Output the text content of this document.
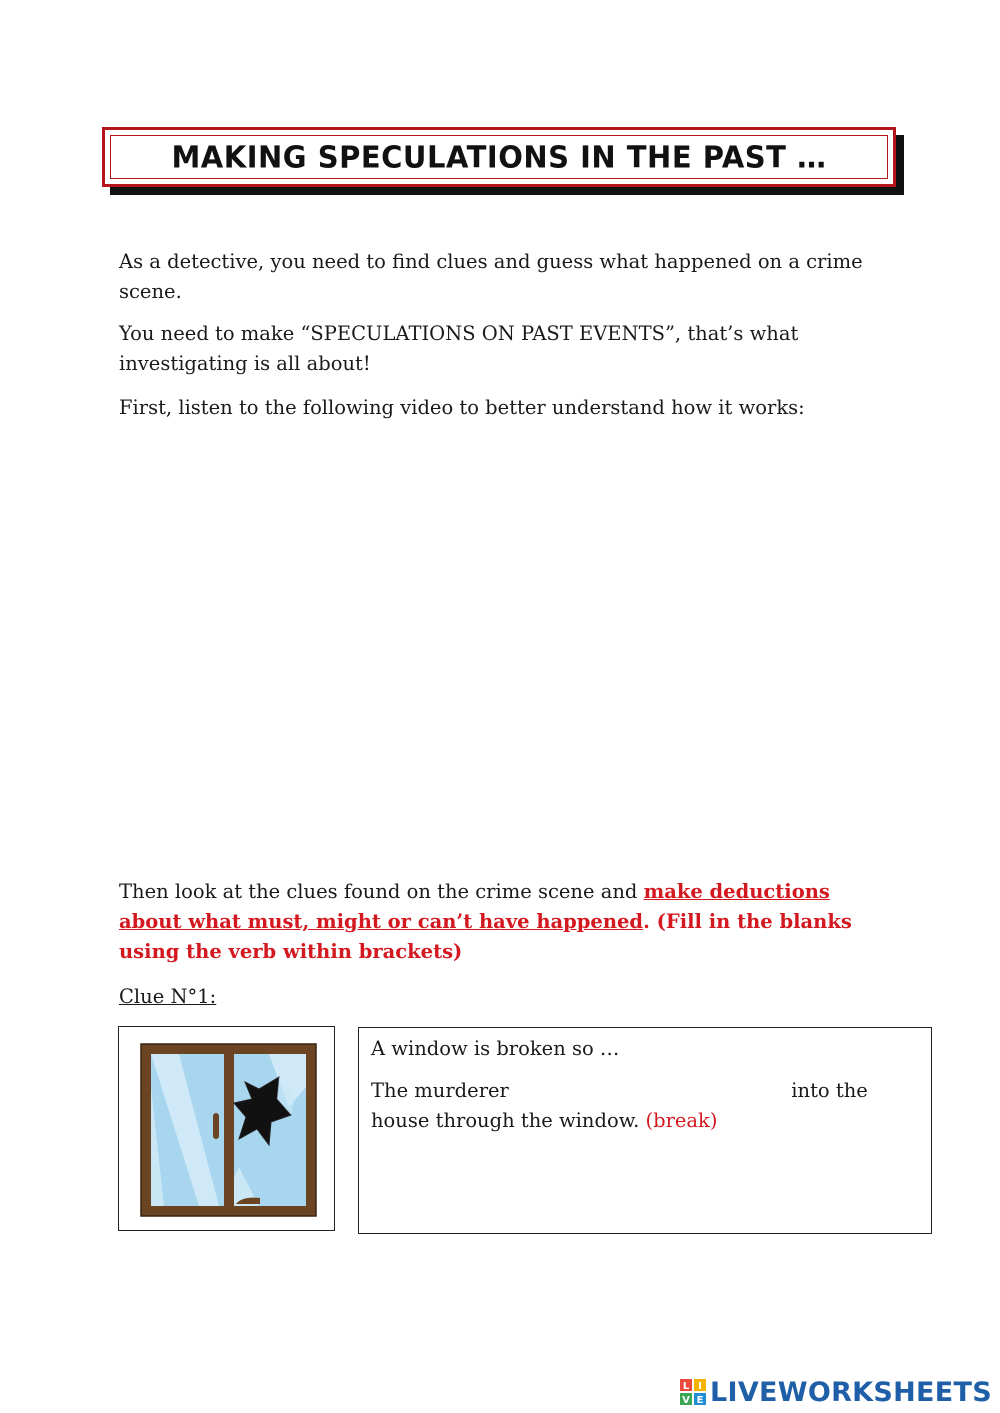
MAKING SPECULATIONS IN THE PAST …

As a detective, you need to find clues and guess what happened on a crime scene.

You need to make “SPECULATIONS ON PAST EVENTS”, that’s what investigating is all about!

First, listen to the following video to better understand how it works:

Then look at the clues found on the crime scene and make deductions about what must, might or can’t have happened. (Fill in the blanks using the verb within brackets)

Clue N°1:
A window is broken so …
The murderer	into the house through the window. (break)
L I
V E LIVEWORKSHEETS
